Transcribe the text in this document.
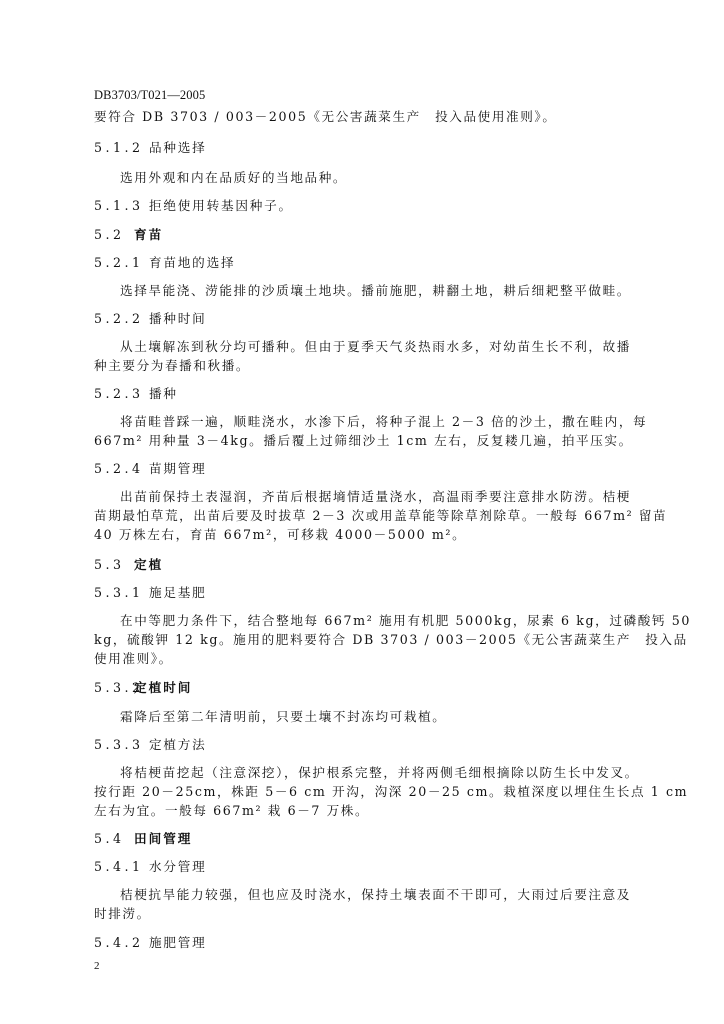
DB3703/T021—2005
要符合 DB 3703 / 003－2005《无公害蔬菜生产　投入品使用准则》。
5.1.2 品种选择
选用外观和内在品质好的当地品种。
5.1.3 拒绝使用转基因种子。
5.2 育苗
5.2.1 育苗地的选择
选择旱能浇、涝能排的沙质壤土地块。播前施肥，耕翻土地，耕后细耙整平做畦。
5.2.2 播种时间
从土壤解冻到秋分均可播种。但由于夏季天气炎热雨水多，对幼苗生长不利，故播
种主要分为春播和秋播。
5.2.3 播种
将苗畦普踩一遍，顺畦浇水，水渗下后，将种子混上 2－3 倍的沙土，撒在畦内，每
667m² 用种量 3－4kg。播后覆上过筛细沙土 1cm 左右，反复耧几遍，拍平压实。
5.2.4 苗期管理
出苗前保持土表湿润，齐苗后根据墒情适量浇水，高温雨季要注意排水防涝。桔梗
苗期最怕草荒，出苗后要及时拔草 2－3 次或用盖草能等除草剂除草。一般每 667m² 留苗
40 万株左右，育苗 667m²，可移栽 4000－5000 m²。
5.3 定植
5.3.1 施足基肥
在中等肥力条件下，结合整地每 667m² 施用有机肥 5000kg，尿素 6 kg，过磷酸钙 50
kg，硫酸钾 12 kg。施用的肥料要符合 DB 3703 / 003－2005《无公害蔬菜生产　投入品
使用准则》。
5.3.2定植时间
霜降后至第二年清明前，只要土壤不封冻均可栽植。
5.3.3 定植方法
将桔梗苗挖起（注意深挖），保护根系完整，并将两侧毛细根摘除以防生长中发叉。
按行距 20－25cm，株距 5－6 cm 开沟，沟深 20－25 cm。栽植深度以埋住生长点 1 cm
左右为宜。一般每 667m² 栽 6－7 万株。
5.4 田间管理
5.4.1 水分管理
桔梗抗旱能力较强，但也应及时浇水，保持土壤表面不干即可，大雨过后要注意及
时排涝。
5.4.2 施肥管理
2
